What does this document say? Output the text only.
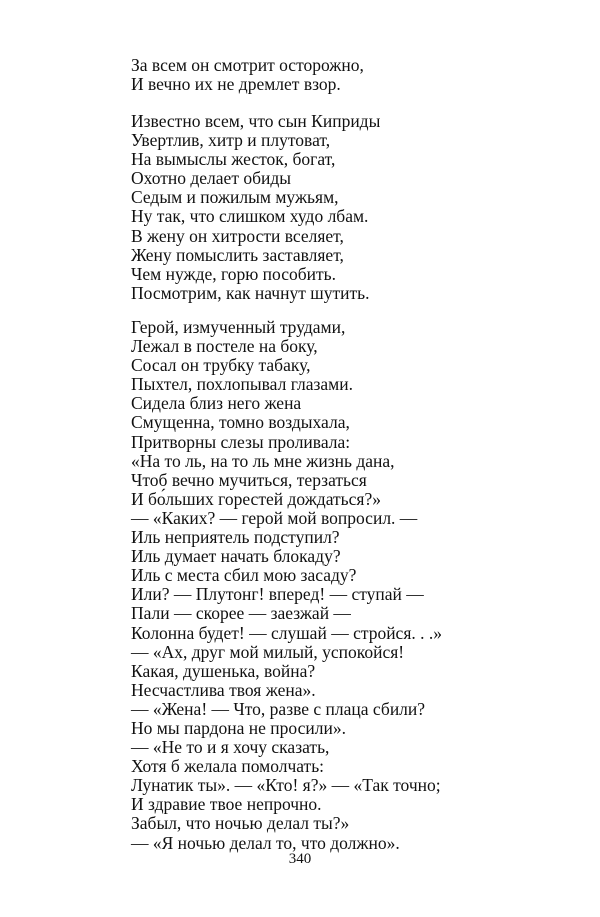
За всем он смотрит осторожно,
И вечно их не дремлет взор.
Известно всем, что сын Киприды
Увертлив, хитр и плутоват,
На вымыслы жесток, богат,
Охотно делает обиды
Седым и пожилым мужьям,
Ну так, что слишком худо лбам.
В жену он хитрости вселяет,
Жену помыслить заставляет,
Чем нужде, горю пособить.
Посмотрим, как начнут шутить.
Герой, измученный трудами,
Лежал в постеле на боку,
Сосал он трубку табаку,
Пыхтел, похлопывал глазами.
Сидела близ него жена
Смущенна, томно воздыхала,
Притворны слезы проливала:
«На то ль, на то ль мне жизнь дана,
Чтоб вечно мучиться, терзаться
И бо́льших горестей дождаться?»
— «Каких? — герой мой вопросил. —
Иль неприятель подступил?
Иль думает начать блокаду?
Иль с места сбил мою засаду?
Или? — Плутонг! вперед! — ступай —
Пали — скорее — заезжай —
Колонна будет! — слушай — стройся. . .»
— «Ах, друг мой милый, успокойся!
Какая, душенька, война?
Несчастлива твоя жена».
— «Жена! — Что, разве с плаца сбили?
Но мы пардона не просили».
— «Не то и я хочу сказать,
Хотя б желала помолчать:
Лунатик ты». — «Кто! я?» — «Так точно;
И здравие твое непрочно.
Забыл, что ночью делал ты?»
— «Я ночью делал то, что должно».
340
